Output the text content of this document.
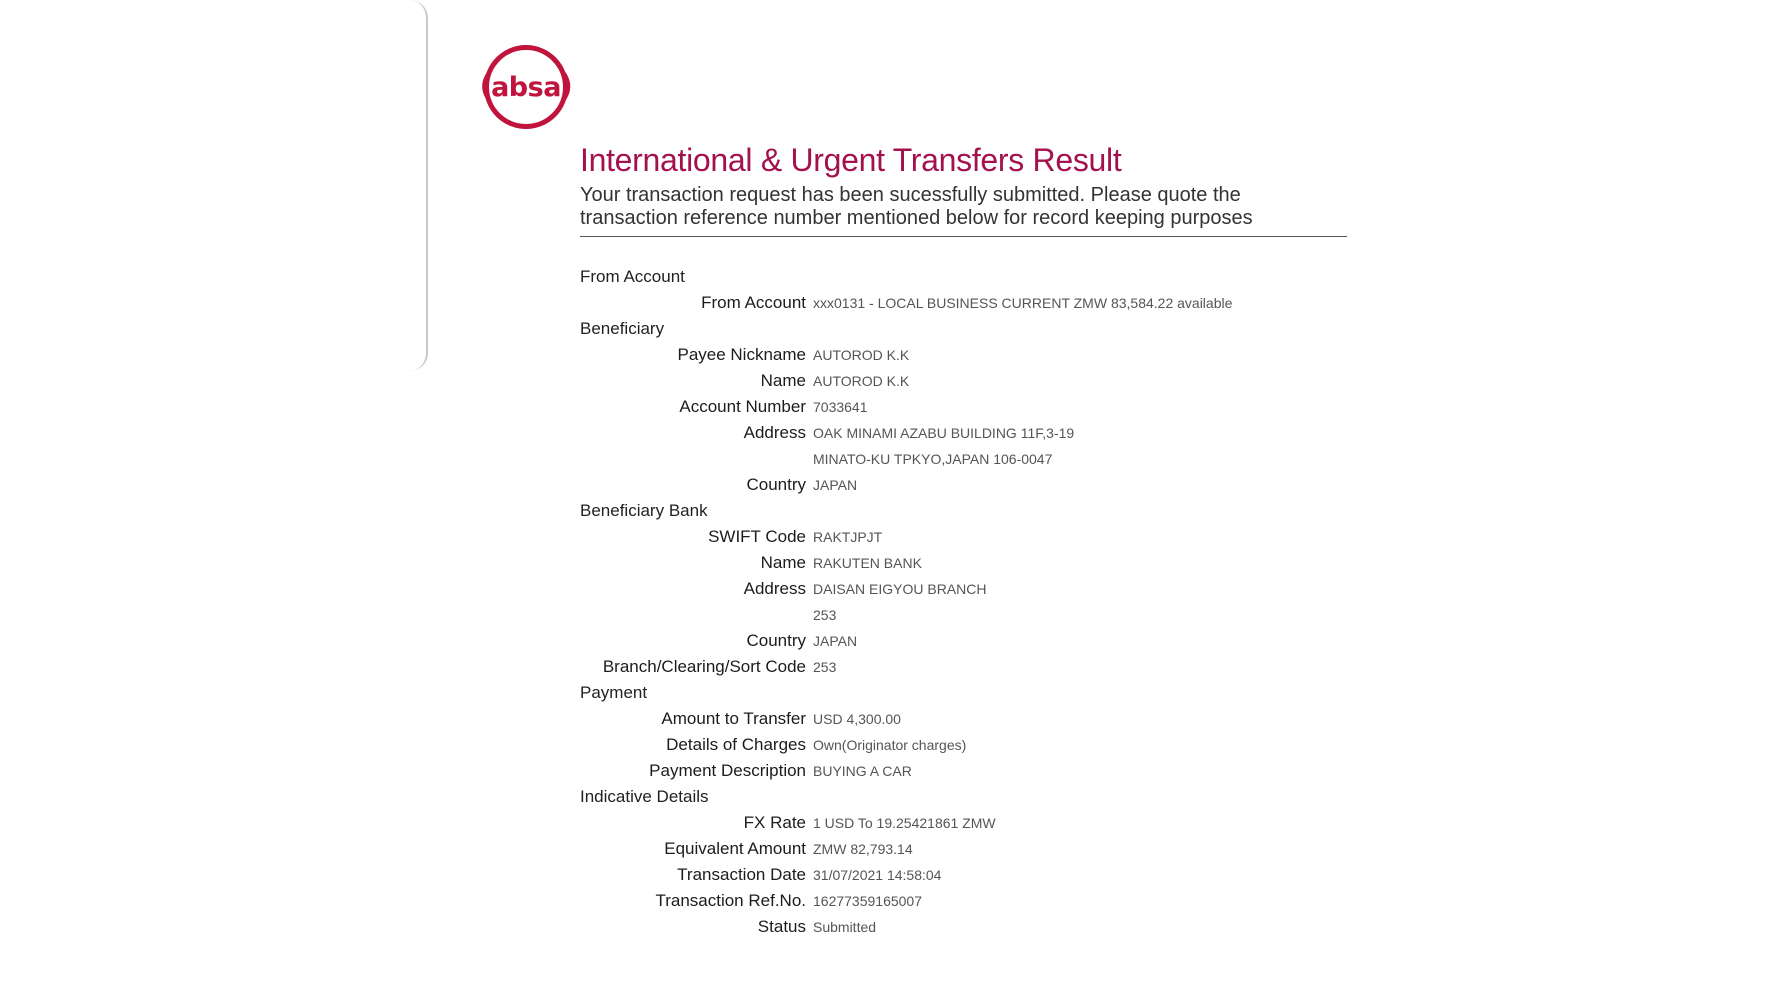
( absa )
International & Urgent Transfers Result
Your transaction request has been sucessfully submitted. Please quote the
transaction reference number mentioned below for record keeping purposes
From Account
From Account xxx0131 - LOCAL BUSINESS CURRENT ZMW 83,584.22 available
Beneficiary
Payee Nickname AUTOROD K.K
Name AUTOROD K.K
Account Number 7033641
Address OAK MINAMI AZABU BUILDING 11F,3-19
MINATO-KU TPKYO,JAPAN 106-0047
Country JAPAN
Beneficiary Bank
SWIFT Code RAKTJPJT
Name RAKUTEN BANK
Address DAISAN EIGYOU BRANCH
253
Country JAPAN
Branch/Clearing/Sort Code 253
Payment
Amount to Transfer USD 4,300.00
Details of Charges Own(Originator charges)
Payment Description BUYING A CAR
Indicative Details
FX Rate 1 USD To 19.25421861 ZMW
Equivalent Amount ZMW 82,793.14
Transaction Date 31/07/2021 14:58:04
Transaction Ref.No. 16277359165007
Status Submitted
